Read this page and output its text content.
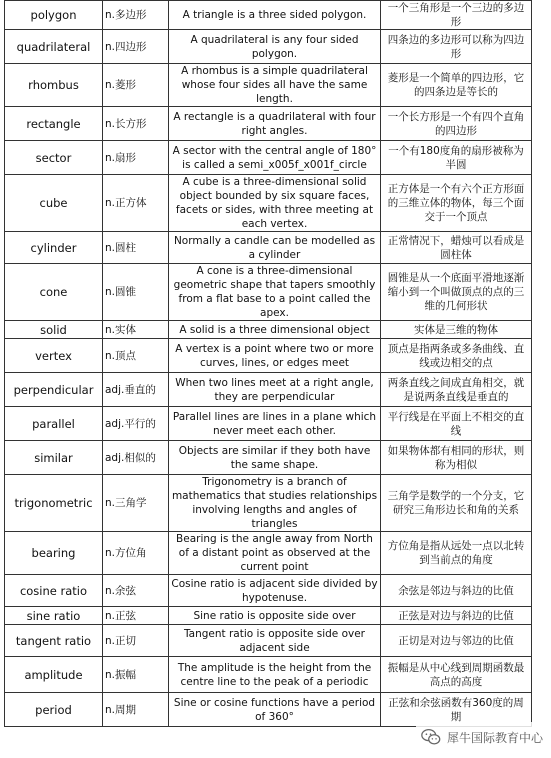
polygon	n.多边形	A triangle is a three sided polygon.	一个三角形是一个三边的多边形
quadrilateral	n.四边形	A quadrilateral is any four sided polygon.	四条边的多边形可以称为四边形
rhombus	n.菱形	A rhombus is a simple quadrilateral whose four sides all have the same length.	菱形是一个简单的四边形，它的四条边是等长的
rectangle	n.长方形	A rectangle is a quadrilateral with four right angles.	一个长方形是一个有四个直角的四边形
sector	n.扇形	A sector with the central angle of 180° is called a semi_x005f_x001f_circle	一个有180度角的扇形被称为半圆
cube	n.正方体	A cube is a three-dimensional solid object bounded by six square faces, facets or sides, with three meeting at each vertex.	正方体是一个有六个正方形面的三维立体的物体，每三个面交于一个顶点
cylinder	n.圆柱	Normally a candle can be modelled as a cylinder	正常情况下，蜡烛可以看成是圆柱体
cone	n.圆锥	A cone is a three-dimensional geometric shape that tapers smoothly from a flat base to a point called the apex.	圆锥是从一个底面平滑地逐渐缩小到一个叫做顶点的点的三维的几何形状
solid	n.实体	A solid is a three dimensional object	实体是三维的物体
vertex	n.顶点	A vertex is a point where two or more curves, lines, or edges meet	顶点是指两条或多条曲线、直线或边相交的点
perpendicular	adj.垂直的	When two lines meet at a right angle, they are perpendicular	两条直线之间成直角相交，就是说两条直线是垂直的
parallel	adj.平行的	Parallel lines are lines in a plane which never meet each other.	平行线是在平面上不相交的直线
similar	adj.相似的	Objects are similar if they both have the same shape.	如果物体都有相同的形状，则称为相似
trigonometric	n.三角学	Trigonometry is a branch of mathematics that studies relationships involving lengths and angles of triangles	三角学是数学的一个分支，它研究三角形边长和角的关系
bearing	n.方位角	Bearing is the angle away from North of a distant point as observed at the current point	方位角是指从远处一点以北转到当前点的角度
cosine ratio	n.余弦	Cosine ratio is adjacent side divided by hypotenuse.	余弦是邻边与斜边的比值
sine ratio	n.正弦	Sine ratio is opposite side over	正弦是对边与斜边的比值
tangent ratio	n.正切	Tangent ratio is opposite side over adjacent side	正切是对边与邻边的比值
amplitude	n.振幅	The amplitude is the height from the centre line to the peak of a periodic	振幅是从中心线到周期函数最高点的高度
period	n.周期	Sine or cosine functions have a period of 360°	正弦和余弦函数有360度的周期
犀牛国际教育中心
